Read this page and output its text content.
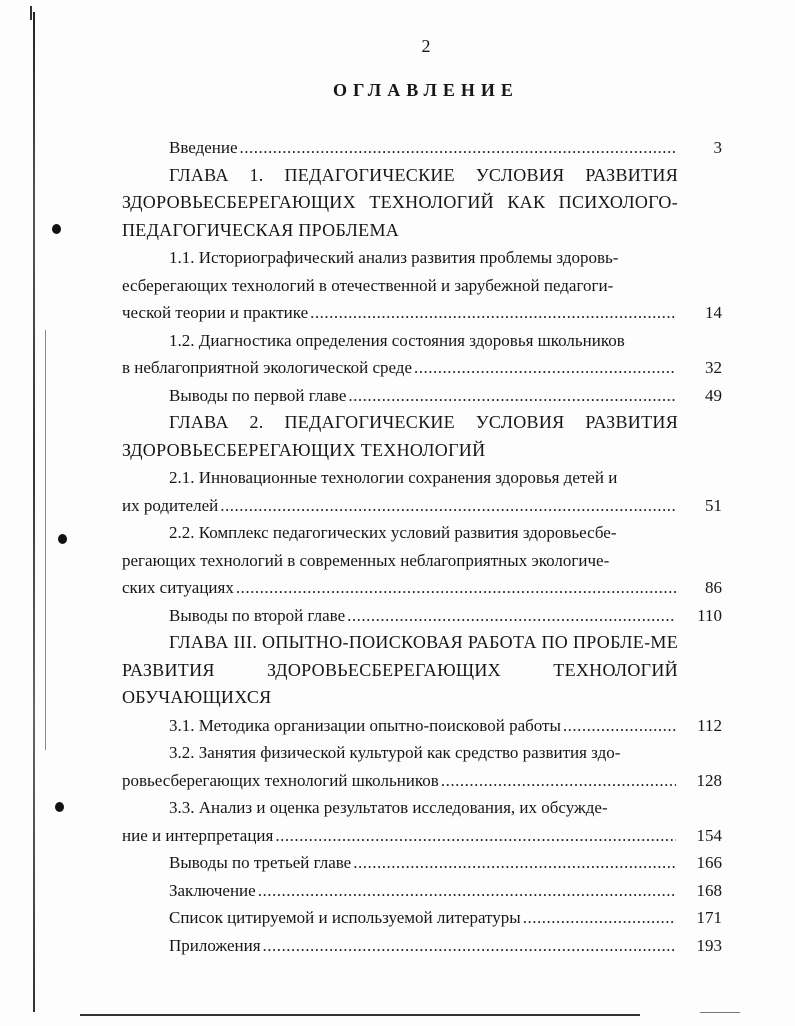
2
ОГЛАВЛЕНИЕ
Введение .....	3
ГЛАВА 1. ПЕДАГОГИЧЕСКИЕ УСЛОВИЯ РАЗВИТИЯ ЗДОРОВЬЕСБЕРЕГАЮЩИХ ТЕХНОЛОГИЙ КАК ПСИХОЛОГО-ПЕДАГОГИЧЕСКАЯ ПРОБЛЕМА
1.1. Историографический анализ развития проблемы здоровь-
есберегающих технологий в отечественной и зарубежной педагоги-
ческой теории и практике .....	14
1.2. Диагностика определения состояния здоровья школьников
в неблагоприятной экологической среде .....	32
Выводы по первой главе .....	49
ГЛАВА 2. ПЕДАГОГИЧЕСКИЕ УСЛОВИЯ РАЗВИТИЯ ЗДОРОВЬЕСБЕРЕГАЮЩИХ ТЕХНОЛОГИЙ
2.1. Инновационные технологии сохранения здоровья детей и
их родителей .....	51
2.2. Комплекс педагогических условий развития здоровьесбе-
регающих технологий в современных неблагоприятных экологиче-
ских ситуациях .....	86
Выводы по второй главе .....	110
ГЛАВА III. ОПЫТНО-ПОИСКОВАЯ РАБОТА ПО ПРОБЛЕ-МЕ РАЗВИТИЯ ЗДОРОВЬЕСБЕРЕГАЮЩИХ ТЕХНОЛОГИЙ ОБУЧАЮЩИХСЯ
3.1. Методика организации опытно-поисковой работы .....	112
3.2. Занятия физической культурой как средство развития здо-
ровьесберегающих технологий школьников .....	128
3.3. Анализ и оценка результатов исследования, их обсужде-
ние и интерпретация .....	154
Выводы по третьей главе .....	166
Заключение .....	168
Список цитируемой и используемой литературы .....	171
Приложения .....	193
